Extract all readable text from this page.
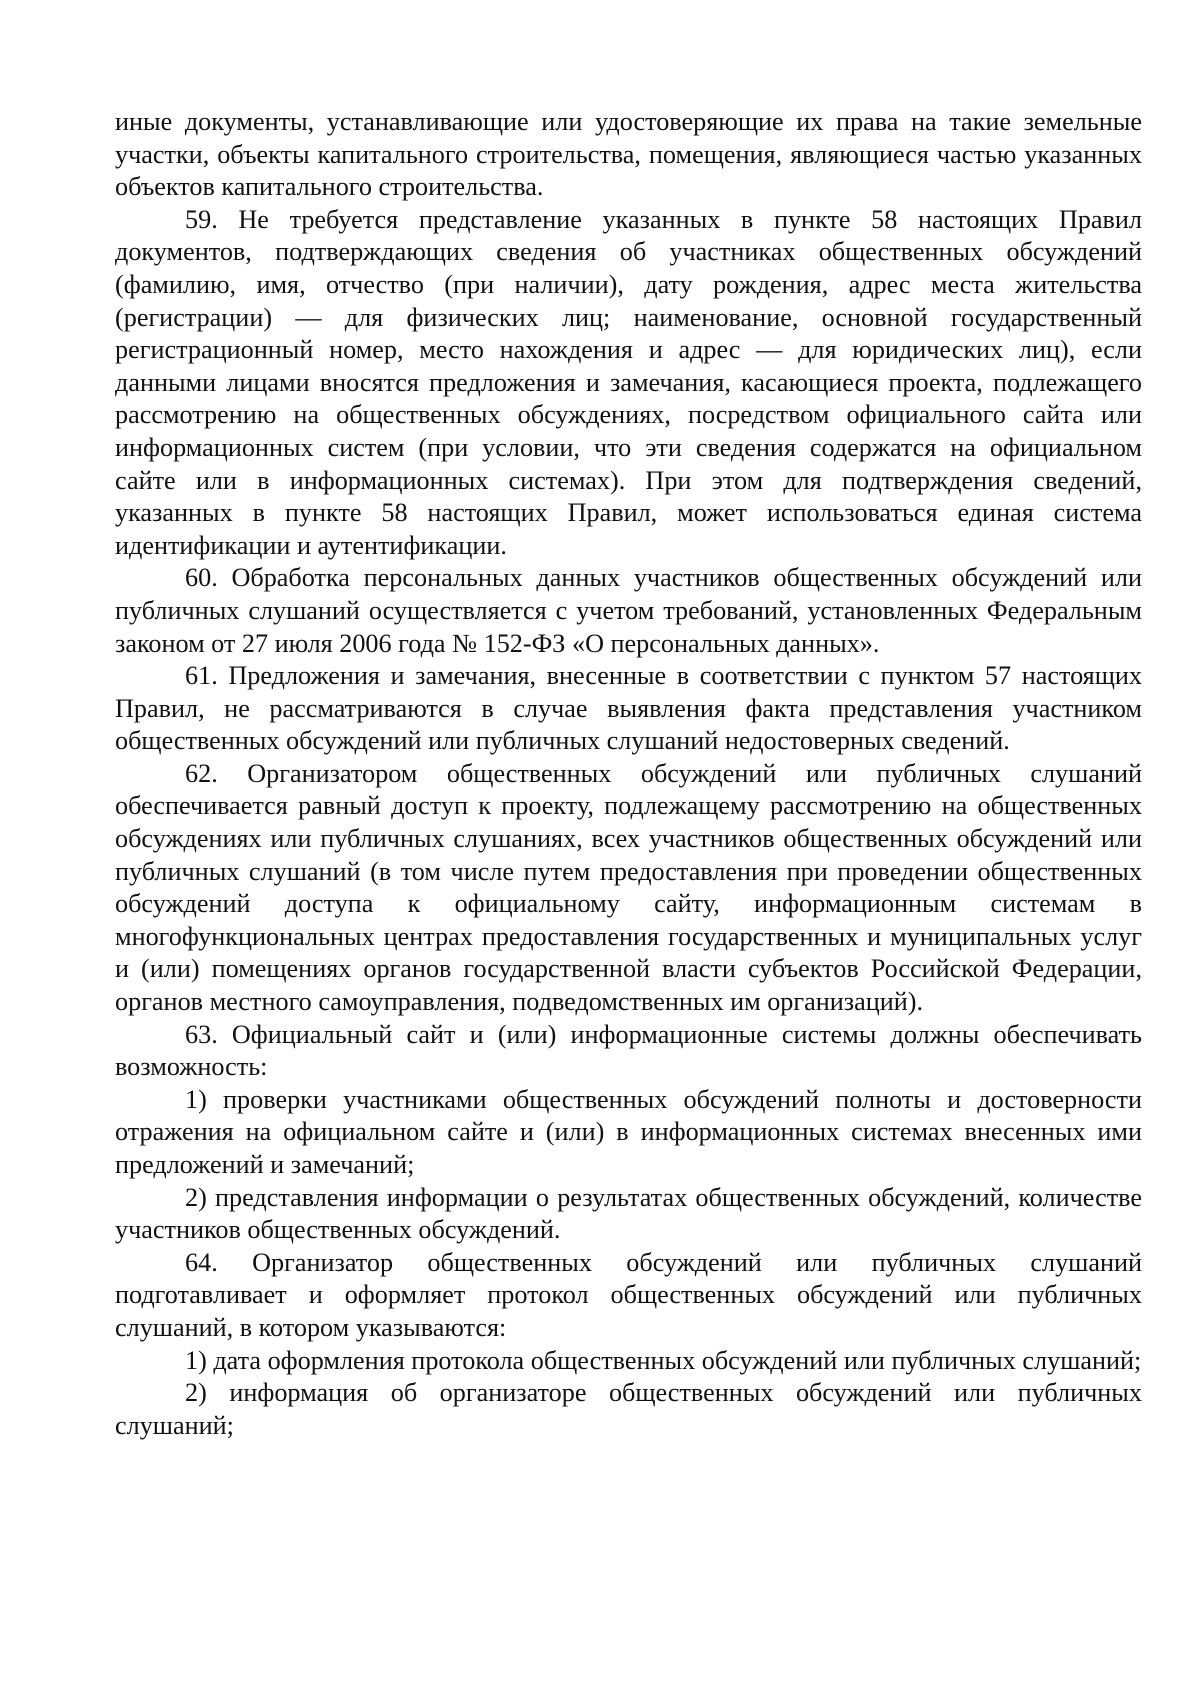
иные документы, устанавливающие или удостоверяющие их права на такие земельные участки, объекты капитального строительства, помещения, являющиеся частью указанных объектов капитального строительства.

59. Не требуется представление указанных в пункте 58 настоящих Правил документов, подтверждающих сведения об участниках общественных обсуждений (фамилию, имя, отчество (при наличии), дату рождения, адрес места жительства (регистрации) — для физических лиц; наименование, основной государственный регистрационный номер, место нахождения и адрес — для юридических лиц), если данными лицами вносятся предложения и замечания, касающиеся проекта, подлежащего рассмотрению на общественных обсуждениях, посредством официального сайта или информационных систем (при условии, что эти сведения содержатся на официальном сайте или в информационных системах). При этом для подтверждения сведений, указанных в пункте 58 настоящих Правил, может использоваться единая система идентификации и аутентификации.

60. Обработка персональных данных участников общественных обсуждений или публичных слушаний осуществляется с учетом требований, установленных Федеральным законом от 27 июля 2006 года № 152-ФЗ «О персональных данных».

61. Предложения и замечания, внесенные в соответствии с пунктом 57 настоящих Правил, не рассматриваются в случае выявления факта представления участником общественных обсуждений или публичных слушаний недостоверных сведений.

62. Организатором общественных обсуждений или публичных слушаний обеспечивается равный доступ к проекту, подлежащему рассмотрению на общественных обсуждениях или публичных слушаниях, всех участников общественных обсуждений или публичных слушаний (в том числе путем предоставления при проведении общественных обсуждений доступа к официальному сайту, информационным системам в многофункциональных центрах предоставления государственных и муниципальных услуг и (или) помещениях органов государственной власти субъектов Российской Федерации, органов местного самоуправления, подведомственных им организаций).

63. Официальный сайт и (или) информационные системы должны обеспечивать возможность:

1) проверки участниками общественных обсуждений полноты и достоверности отражения на официальном сайте и (или) в информационных системах внесенных ими предложений и замечаний;

2) представления информации о результатах общественных обсуждений, количестве участников общественных обсуждений.

64. Организатор общественных обсуждений или публичных слушаний подготавливает и оформляет протокол общественных обсуждений или публичных слушаний, в котором указываются:

1) дата оформления протокола общественных обсуждений или публичных слушаний;

2) информация об организаторе общественных обсуждений или публичных слушаний;
